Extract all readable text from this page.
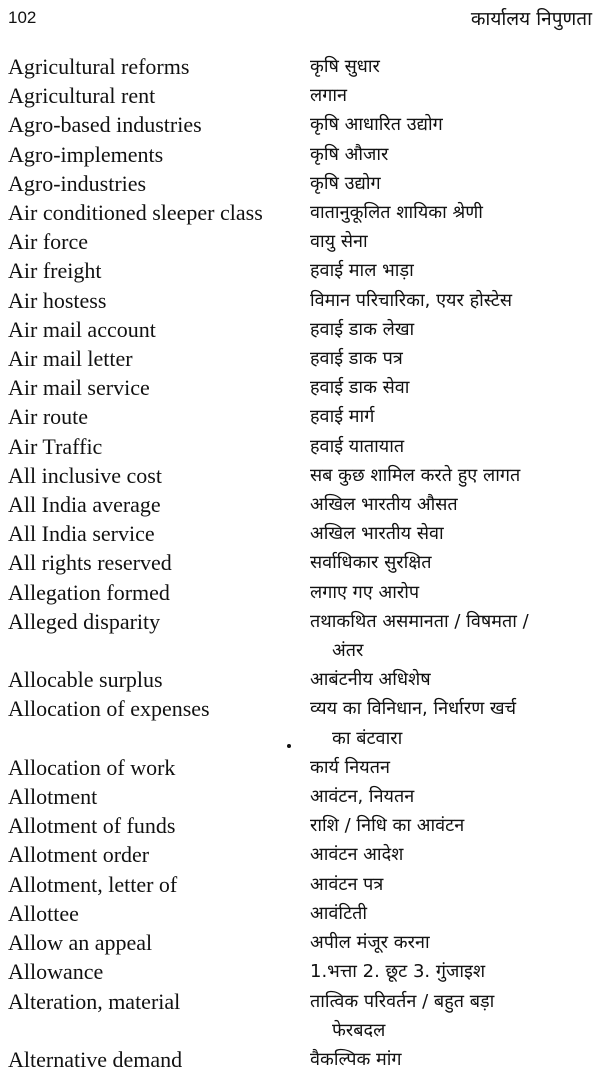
102	कार्यालय निपुणता
Agricultural reforms	कृषि सुधार
Agricultural rent	लगान
Agro-based industries	कृषि आधारित उद्योग
Agro-implements	कृषि औजार
Agro-industries	कृषि उद्योग
Air conditioned sleeper class	वातानुकूलित शायिका श्रेणी
Air force	वायु सेना
Air freight	हवाई माल भाड़ा
Air hostess	विमान परिचारिका, एयर होस्टेस
Air mail account	हवाई डाक लेखा
Air mail letter	हवाई डाक पत्र
Air mail service	हवाई डाक सेवा
Air route	हवाई मार्ग
Air Traffic	हवाई यातायात
All inclusive cost	सब कुछ शामिल करते हुए लागत
All India average	अखिल भारतीय औसत
All India service	अखिल भारतीय सेवा
All rights reserved	सर्वाधिकार सुरक्षित
Allegation formed	लगाए गए आरोप
Alleged disparity	तथाकथित असमानता / विषमता /
अंतर
Allocable surplus	आबंटनीय अधिशेष
Allocation of expenses	व्यय का विनिधान, निर्धारण खर्च
का बंटवारा
Allocation of work	कार्य नियतन
Allotment	आवंटन, नियतन
Allotment of funds	राशि / निधि का आवंटन
Allotment order	आवंटन आदेश
Allotment, letter of	आवंटन पत्र
Allottee	आवंटिती
Allow an appeal	अपील मंजूर करना
Allowance	1.भत्ता 2. छूट 3. गुंजाइश
Alteration, material	तात्विक परिवर्तन / बहुत बड़ा
फेरबदल
Alternative demand	वैकल्पिक मांग
